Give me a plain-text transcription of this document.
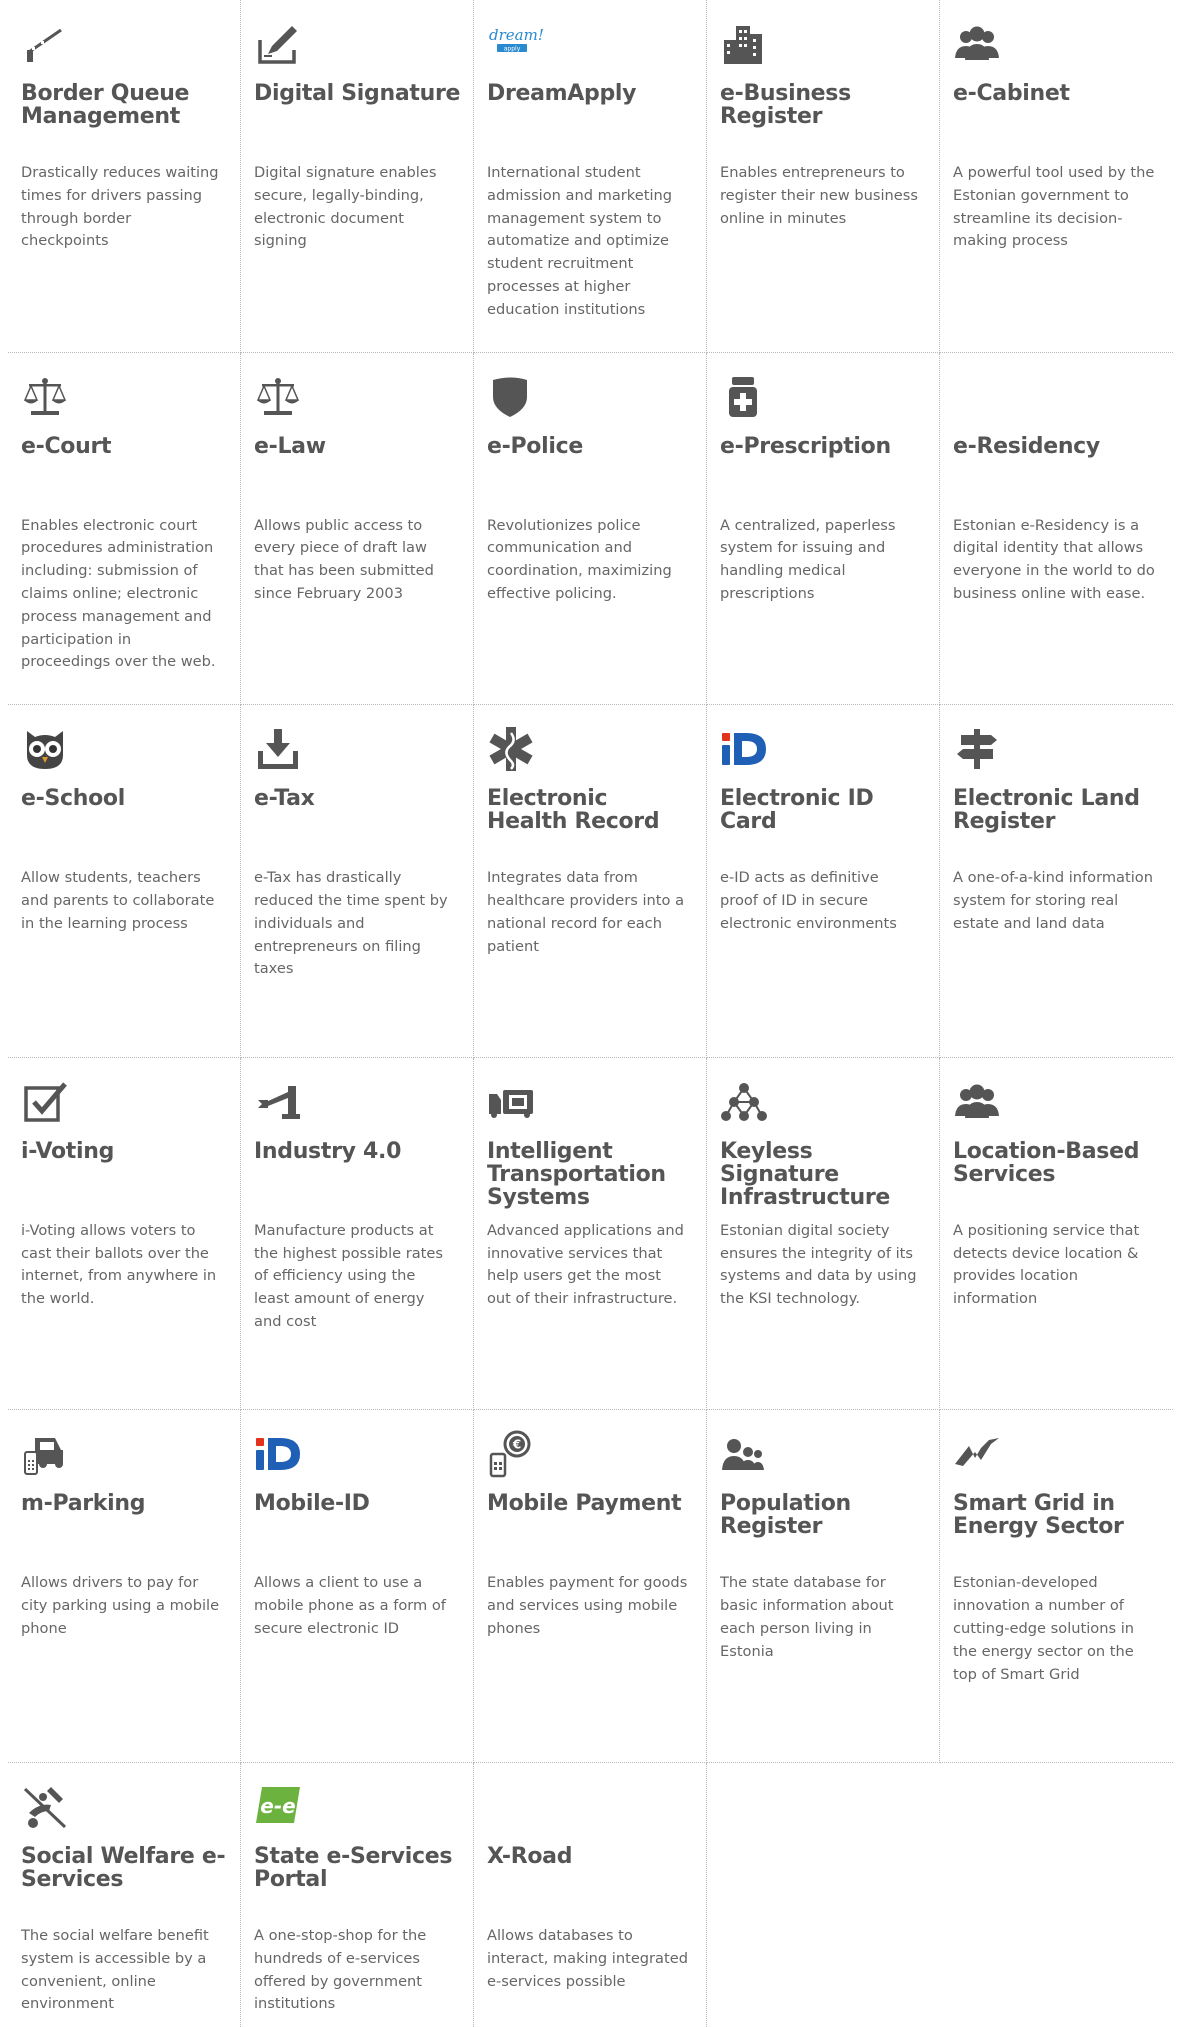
Border Queue Management
Drastically reduces waiting times for drivers passing through border checkpoints
Digital Signature
Digital signature enables secure, legally-binding, electronic document signing
dream!
apply
DreamApply
International student admission and marketing management system to automatize and optimize student recruitment processes at higher education institutions
e-Business Register
Enables entrepreneurs to register their new business online in minutes
e-Cabinet
A powerful tool used by the Estonian government to streamline its decision-making process
e-Court
Enables electronic court procedures administration including: submission of claims online; electronic process management and participation in proceedings over the web.
e-Law
Allows public access to every piece of draft law that has been submitted since February 2003
e-Police
Revolutionizes police communication and coordination, maximizing effective policing.
e-Prescription
A centralized, paperless system for issuing and handling medical prescriptions
e-Residency
Estonian e-Residency is a digital identity that allows everyone in the world to do business online with ease.
e-School
Allow students, teachers and parents to collaborate in the learning process
e-Tax
e-Tax has drastically reduced the time spent by individuals and entrepreneurs on filing taxes
Electronic Health Record
Integrates data from healthcare providers into a national record for each patient
Electronic ID Card
e-ID acts as definitive proof of ID in secure electronic environments
Electronic Land Register
A one-of-a-kind information system for storing real estate and land data
i-Voting
i-Voting allows voters to cast their ballots over the internet, from anywhere in the world.
Industry 4.0
Manufacture products at the highest possible rates of efficiency using the least amount of energy and cost
Intelligent Transportation Systems
Advanced applications and innovative services that help users get the most out of their infrastructure.
Keyless Signature Infrastructure
Estonian digital society ensures the integrity of its systems and data by using the KSI technology.
Location-Based Services
A positioning service that detects device location & provides location information
m-Parking
Allows drivers to pay for city parking using a mobile phone
Mobile-ID
Allows a client to use a mobile phone as a form of secure electronic ID
€
Mobile Payment
Enables payment for goods and services using mobile phones
Population Register
The state database for basic information about each person living in Estonia
Smart Grid in Energy Sector
Estonian-developed innovation a number of cutting-edge solutions in the energy sector on the top of Smart Grid
Social Welfare e-Services
The social welfare benefit system is accessible by a convenient, online environment
e-e
State e-Services Portal
A one-stop-shop for the hundreds of e-services offered by government institutions
X-Road
Allows databases to interact, making integrated e-services possible
